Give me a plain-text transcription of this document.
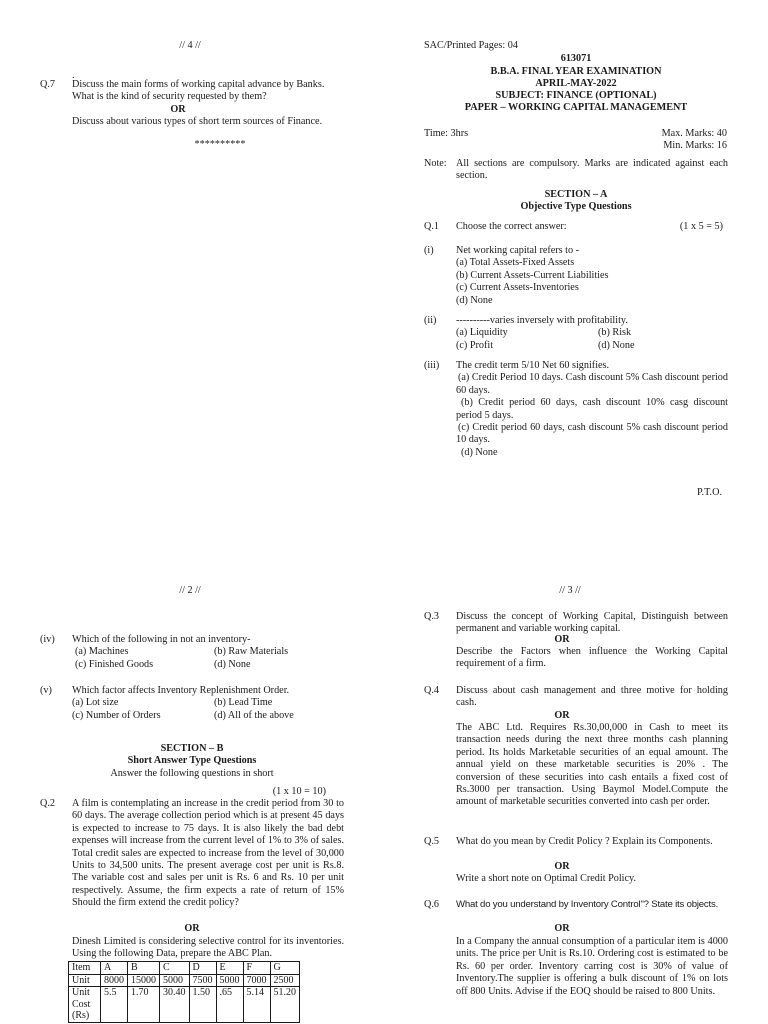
// 4 //
.
Q.7 Discuss the main forms of working capital advance by Banks.
What is the kind of security requested by them?
OR
Discuss about various types of short term sources of Finance.
**********
SAC/Printed Pages: 04
613071
B.B.A. FINAL YEAR EXAMINATION
APRIL-MAY-2022
SUBJECT: FINANCE (OPTIONAL)
PAPER – WORKING CAPITAL MANAGEMENT
Time: 3hrs	Max. Marks: 40
Min. Marks: 16
Note: All sections are compulsory. Marks are indicated against each section.
SECTION – A
Objective Type Questions
Q.1 Choose the correct answer:	(1 x 5 = 5)
(i) Net working capital refers to -
(a) Total Assets-Fixed Assets
(b) Current Assets-Current Liabilities
(c) Current Assets-Inventories
(d) None
(ii) ----------varies inversely with profitability.
(a) Liquidity	(b) Risk
(c) Profit	(d) None
(iii) The credit term 5/10 Net 60 signifies.
(a) Credit Period 10 days. Cash discount 5% Cash discount period 60 days.
(b) Credit period 60 days, cash discount 10% casg discount period 5 days.
(c) Credit period 60 days, cash discount 5% cash discount period 10 days.
(d) None
P.T.O.
// 2 //
(iv) Which of the following in not an inventory-
(a) Machines	(b) Raw Materials
(c) Finished Goods	(d) None
(v) Which factor affects Inventory Replenishment Order.
(a) Lot size	(b) Lead Time
(c) Number of Orders	(d) All of the above
SECTION – B
Short Answer Type Questions
Answer the following questions in short
(1 x 10 = 10)
Q.2 A film is contemplating an increase in the credit period from 30 to 60 days. The average collection period which is at present 45 days is expected to increase to 75 days. It is also likely the bad debt expenses will increase from the current level of 1% to 3% of sales. Total credit sales are expected to increase from the level of 30,000 Units to 34,500 units. The present average cost per unit is Rs.8. The variable cost and sales per unit is Rs. 6 and Rs. 10 per unit respectively. Assume, the firm expects a rate of return of 15% Should the firm extend the credit policy?
OR
Dinesh Limited is considering selective control for its inventories. Using the following Data, prepare the ABC Plan.
Item	A	B	C	D	E	F	G
Unit	8000	15000	5000	7500	5000	7000	2500
Unit Cost (Rs)	5.5	1.70	30.40	1.50	.65	5.14	51.20
// 3 //
Q.3 Discuss the concept of Working Capital, Distinguish between permanent and variable working capital.
OR
Describe the Factors when influence the Working Capital requirement of a firm.
Q.4 Discuss about cash management and three motive for holding cash.
OR
The ABC Ltd. Requires Rs.30,00,000 in Cash to meet its transaction needs during the next three months cash planning period. Its holds Marketable securities of an equal amount. The annual yield on these marketable securities is 20% . The conversion of these securities into cash entails a fixed cost of Rs.3000 per transaction. Using Baymol Model.Compute the amount of marketable securities converted into cash per order.
Q.5 What do you mean by Credit Policy ? Explain its Components.
OR
Write a short note on Optimal Credit Policy.
Q.6 What do you understand by Inventory Control"? State its objects.
OR
In a Company the annual consumption of a particular item is 4000 units. The price per Unit is Rs.10. Ordering cost is estimated to be Rs. 60 per order. Inventory carring cost is 30% of value of Inventory.The supplier is offering a bulk discount of 1% on lots off 800 Units. Advise if the EOQ should be raised to 800 Units.
